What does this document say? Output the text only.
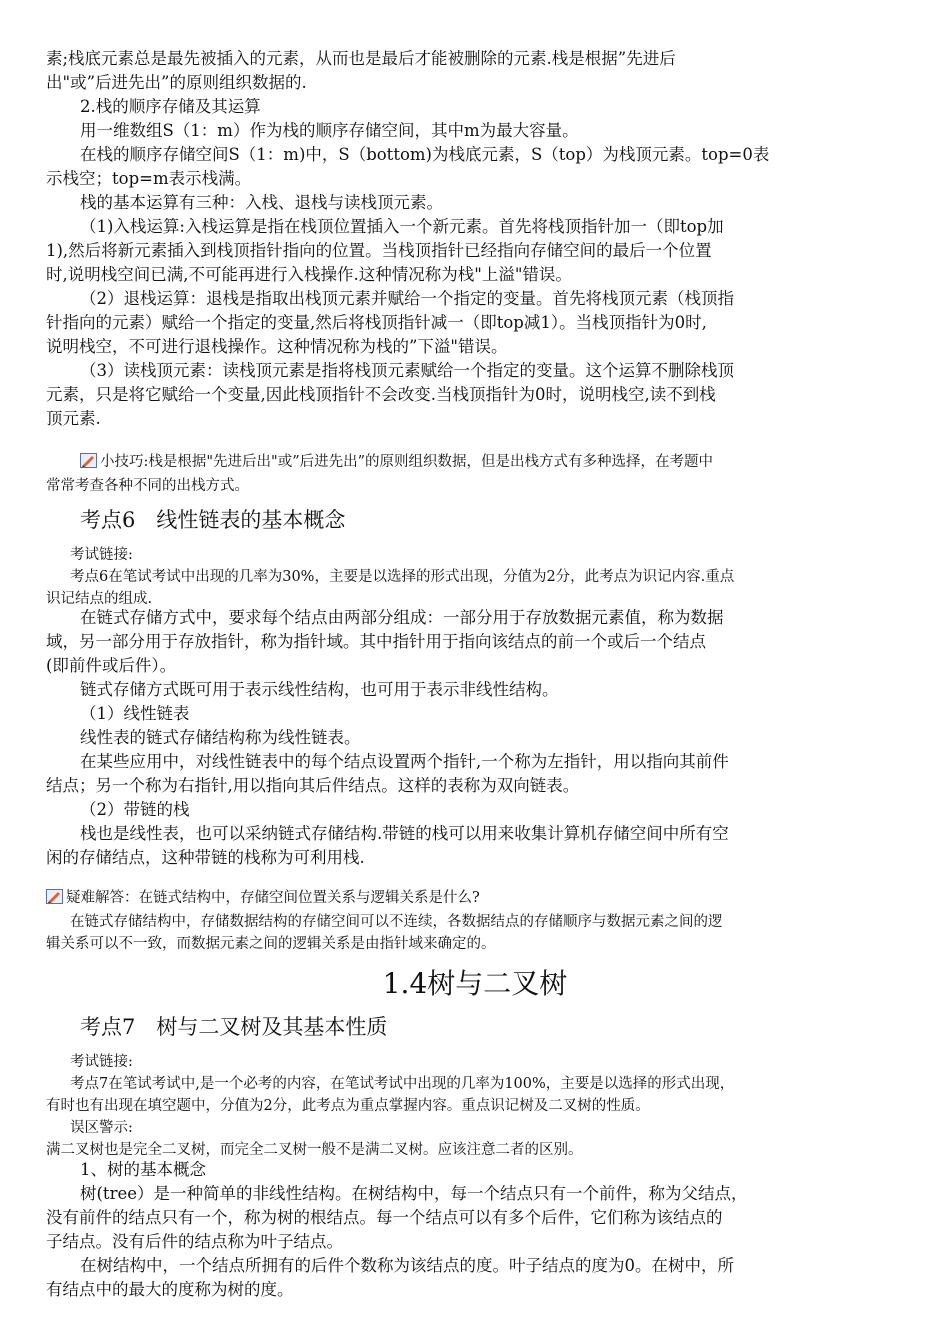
素;栈底元素总是最先被插入的元素，从而也是最后才能被删除的元素.栈是根据”先进后
出"或”后进先出”的原则组织数据的.
2.栈的顺序存储及其运算
用一维数组S（1：m）作为栈的顺序存储空间，其中m为最大容量。
在栈的顺序存储空间S（1：m)中，S（bottom)为栈底元素，S（top）为栈顶元素。top=0表
示栈空；top=m表示栈满。
栈的基本运算有三种：入栈、退栈与读栈顶元素。
（1)入栈运算:入栈运算是指在栈顶位置插入一个新元素。首先将栈顶指针加一（即top加
1),然后将新元素插入到栈顶指针指向的位置。当栈顶指针已经指向存储空间的最后一个位置
时,说明栈空间已满,不可能再进行入栈操作.这种情况称为栈"上溢"错误。
（2）退栈运算：退栈是指取出栈顶元素并赋给一个指定的变量。首先将栈顶元素（栈顶指
针指向的元素）赋给一个指定的变量,然后将栈顶指针减一（即top减1）。当栈顶指针为0时,
说明栈空，不可进行退栈操作。这种情况称为栈的”下溢"错误。
（3）读栈顶元素：读栈顶元素是指将栈顶元素赋给一个指定的变量。这个运算不删除栈顶
元素，只是将它赋给一个变量,因此栈顶指针不会改变.当栈顶指针为0时，说明栈空,读不到栈
顶元素.
小技巧:栈是根据"先进后出"或”后进先出”的原则组织数据，但是出栈方式有多种选择，在考题中
常常考查各种不同的出栈方式。
考点6　线性链表的基本概念
考试链接:
考点6在笔试考试中出现的几率为30%，主要是以选择的形式出现，分值为2分，此考点为识记内容.重点
识记结点的组成.
在链式存储方式中，要求每个结点由两部分组成：一部分用于存放数据元素值，称为数据
域，另一部分用于存放指针，称为指针域。其中指针用于指向该结点的前一个或后一个结点
(即前件或后件）。
链式存储方式既可用于表示线性结构，也可用于表示非线性结构。
（1）线性链表
线性表的链式存储结构称为线性链表。
在某些应用中，对线性链表中的每个结点设置两个指针,一个称为左指针，用以指向其前件
结点；另一个称为右指针,用以指向其后件结点。这样的表称为双向链表。
（2）带链的栈
栈也是线性表，也可以采纳链式存储结构.带链的栈可以用来收集计算机存储空间中所有空
闲的存储结点，这种带链的栈称为可利用栈.
疑难解答：在链式结构中，存储空间位置关系与逻辑关系是什么?
在链式存储结构中，存储数据结构的存储空间可以不连续，各数据结点的存储顺序与数据元素之间的逻
辑关系可以不一致，而数据元素之间的逻辑关系是由指针域来确定的。
1.4树与二叉树
考点7　树与二叉树及其基本性质
考试链接:
考点7在笔试考试中,是一个必考的内容，在笔试考试中出现的几率为100%，主要是以选择的形式出现，
有时也有出现在填空题中，分值为2分，此考点为重点掌握内容。重点识记树及二叉树的性质。
误区警示:
满二叉树也是完全二叉树，而完全二叉树一般不是满二叉树。应该注意二者的区别。
1、树的基本概念
树(tree）是一种简单的非线性结构。在树结构中，每一个结点只有一个前件，称为父结点，
没有前件的结点只有一个，称为树的根结点。每一个结点可以有多个后件，它们称为该结点的
子结点。没有后件的结点称为叶子结点。
在树结构中，一个结点所拥有的后件个数称为该结点的度。叶子结点的度为0。在树中，所
有结点中的最大的度称为树的度。
